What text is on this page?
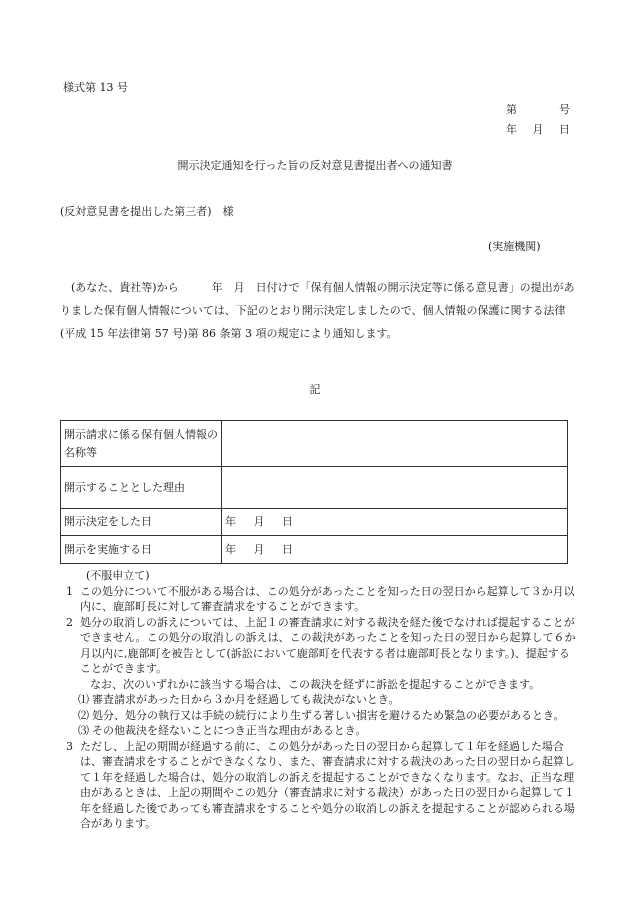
様式第 13 号
第	号
年 月 日
開示決定通知を行った旨の反対意見書提出者への通知書
(反対意見書を提出した第三者)　様
(実施機関)
(あなた、貴社等)から　　　年　月　日付けで「保有個人情報の開示決定等に係る意見書」の提出がありました保有個人情報については、下記のとおり開示決定しましたので、個人情報の保護に関する法律(平成 15 年法律第 57 号)第 86 条第 3 項の規定により通知します。
記
開示請求に係る保有個人情報の名称等	
開示することとした理由	
開示決定をした日	年 月 日
開示を実施する日	年 月 日
(不服申立て)
1 この処分について不服がある場合は、この処分があったことを知った日の翌日から起算して３か月以内に、鹿部町長に対して審査請求をすることができます。
2 処分の取消しの訴えについては、上記１の審査請求に対する裁決を経た後でなければ提起することができません。この処分の取消しの訴えは、この裁決があったことを知った日の翌日から起算して６か月以内に,鹿部町を被告として(訴訟において鹿部町を代表する者は鹿部町長となります。)、提起することができます。
なお、次のいずれかに該当する場合は、この裁決を経ずに訴訟を提起することができます。
⑴ 審査請求があった日から３か月を経過しても裁決がないとき。
⑵ 処分、処分の執行又は手続の続行により生ずる著しい損害を避けるため緊急の必要があるとき。
⑶ その他裁決を経ないことにつき正当な理由があるとき。
3 ただし、上記の期間が経過する前に、この処分があった日の翌日から起算して１年を経過した場合は、審査請求をすることができなくなり、また、審査請求に対する裁決のあった日の翌日から起算して１年を経過した場合は、処分の取消しの訴えを提起することができなくなります。なお、正当な理由があるときは、上記の期間やこの処分（審査請求に対する裁決）があった日の翌日から起算して１年を経過した後であっても審査請求をすることや処分の取消しの訴えを提起することが認められる場合があります。
